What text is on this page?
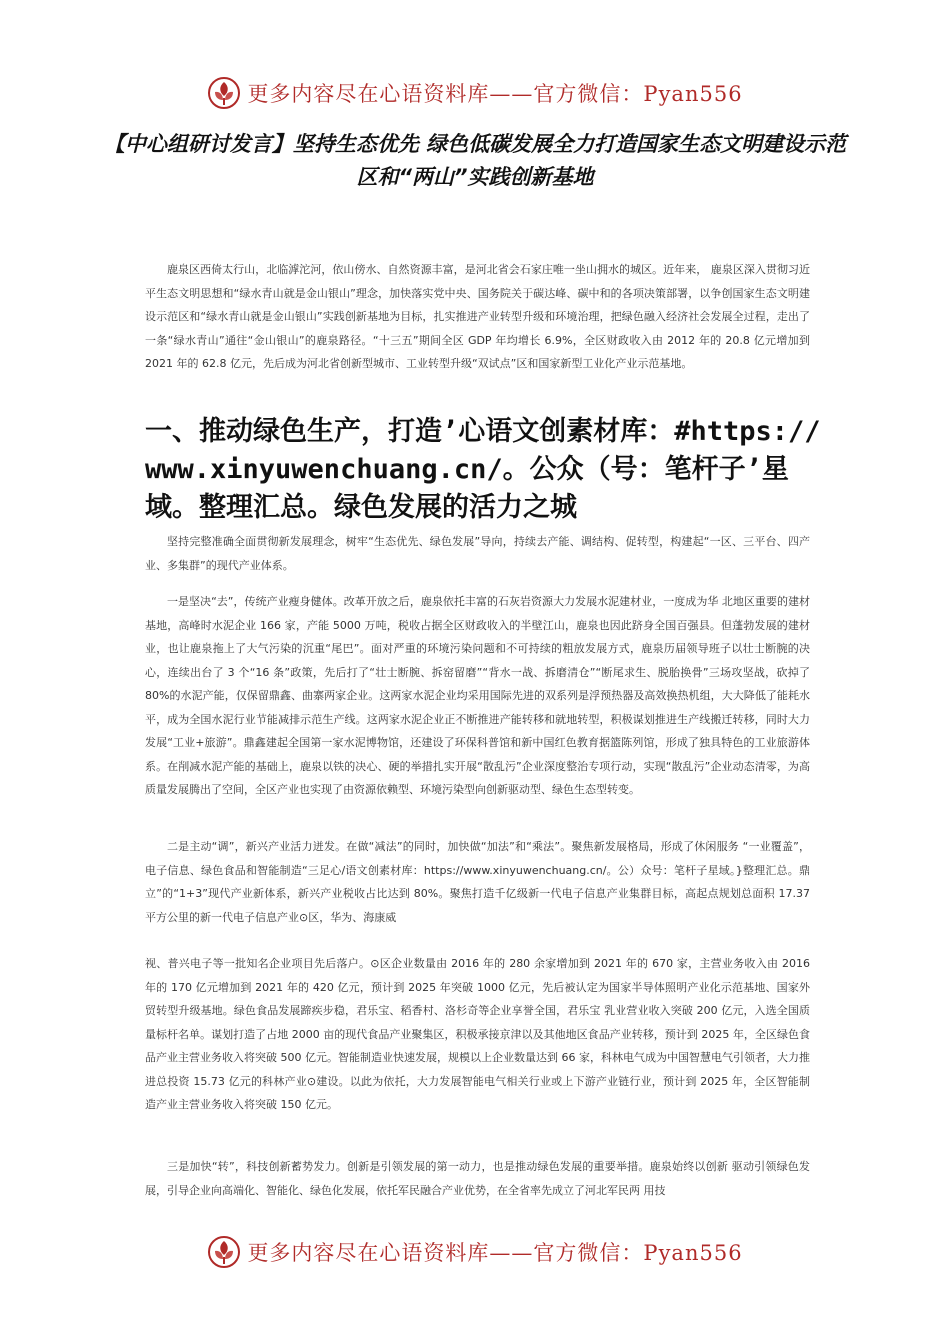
更多内容尽在心语资料库——官方微信：Pyan556
【中心组研讨发言】坚持生态优先 绿色低碳发展全力打造国家生态文明建设示范区和“两山”实践创新基地

鹿泉区西倚太行山，北临滹沱河，依山傍水、自然资源丰富，是河北省会石家庄唯一坐山拥水的城区。近年来， 鹿泉区深入贯彻习近平生态文明思想和“绿水青山就是金山银山”理念，加快落实党中央、国务院关于碳达峰、碳中和的各项决策部署，以争创国家生态文明建设示范区和“绿水青山就是金山银山”实践创新基地为目标，扎实推进产业转型升级和环境治理，把绿色融入经济社会发展全过程，走出了一条“绿水青山”通往“金山银山”的鹿泉路径。“十三五”期间全区 GDP 年均增长 6.9%，全区财政收入由 2012 年的 20.8 亿元增加到 2021 年的 62.8 亿元，先后成为河北省创新型城市、工业转型升级“双试点”区和国家新型工业化产业示范基地。

一、推动绿色生产，打造’心语文创素材库：#https://www.xinyuwenchuang.cn/。公众（号：笔杆子’星域。整理汇总。绿色发展的活力之城

坚持完整准确全面贯彻新发展理念，树牢“生态优先、绿色发展”导向，持续去产能、调结构、促转型，构建起“一区、三平台、四产业、多集群”的现代产业体系。

一是坚决“去”，传统产业瘦身健体。改革开放之后，鹿泉依托丰富的石灰岩资源大力发展水泥建材业，一度成为华 北地区重要的建材基地，高峰时水泥企业 166 家，产能 5000 万吨，税收占据全区财政收入的半壁江山，鹿泉也因此跻身全国百强县。但蓬勃发展的建材业，也让鹿泉拖上了大气污染的沉重“尾巴”。面对严重的环境污染问题和不可持续的粗放发展方式，鹿泉历届领导班子以壮士断腕的决心，连续出台了 3 个“16 条”政策，先后打了“壮士断腕、拆窑留磨”“背水一战、拆磨清仓”“断尾求生、脱胎换骨”三场攻坚战，砍掉了 80%的水泥产能，仅保留鼎鑫、曲寨两家企业。这两家水泥企业均采用国际先进的双系列是浮预热器及高效换热机组，大大降低了能耗水平，成为全国水泥行业节能减排示范生产线。这两家水泥企业正不断推进产能转移和就地转型，积极谋划推进生产线搬迁转移，同时大力发展“工业+旅游”。鼎鑫建起全国第一家水泥博物馆，还建设了环保科普馆和新中国红色教育据篮陈列馆，形成了独具特色的工业旅游体系。在削减水泥产能的基础上，鹿泉以铁的决心、硬的举措扎实开展“散乱污”企业深度整治专项行动，实现“散乱污”企业动态清零，为高质量发展腾出了空间，全区产业也实现了由资源依赖型、环境污染型向创新驱动型、绿色生态型转变。

二是主动“调”，新兴产业活力迸发。在做“减法”的同时，加快做“加法”和“乘法”。聚焦新发展格局，形成了休闲服务 “一业覆盖”，电子信息、绿色食品和智能制造“三足心/语文创素材库：https://www.xinyuwenchuang.cn/。公）众号：笔杆子星域。}整理汇总。鼎立”的“1+3”现代产业新体系，新兴产业税收占比达到 80%。聚焦打造千亿级新一代电子信息产业集群目标，高起点规划总面积 17.37 平方公里的新一代电子信息产业⊙区，华为、海康威

视、普兴电子等一批知名企业项目先后落户。⊙区企业数量由 2016 年的 280 余家增加到 2021 年的 670 家，主营业务收入由 2016 年的 170 亿元增加到 2021 年的 420 亿元，预计到 2025 年突破 1000 亿元，先后被认定为国家半导体照明产业化示范基地、国家外贸转型升级基地。绿色食品发展蹄疾步稳，君乐宝、稻香村、洛杉奇等企业享誉全国，君乐宝 乳业营业收入突破 200 亿元，入选全国质量标杆名单。谋划打造了占地 2000 亩的现代食品产业聚集区，积极承接京津以及其他地区食品产业转移，预计到 2025 年，全区绿色食品产业主营业务收入将突破 500 亿元。智能制造业快速发展，规模以上企业数量达到 66 家，科林电气成为中国智慧电气引领者，大力推进总投资 15.73 亿元的科林产业⊙建设。以此为依托，大力发展智能电气相关行业或上下游产业链行业，预计到 2025 年，全区智能制造产业主营业务收入将突破 150 亿元。

三是加快“转”，科技创新蓄势发力。创新是引领发展的第一动力，也是推动绿色发展的重要举措。鹿泉始终以创新 驱动引领绿色发展，引导企业向高端化、智能化、绿色化发展，依托军民融合产业优势，在全省率先成立了河北军民两 用技

更多内容尽在心语资料库——官方微信：Pyan556
